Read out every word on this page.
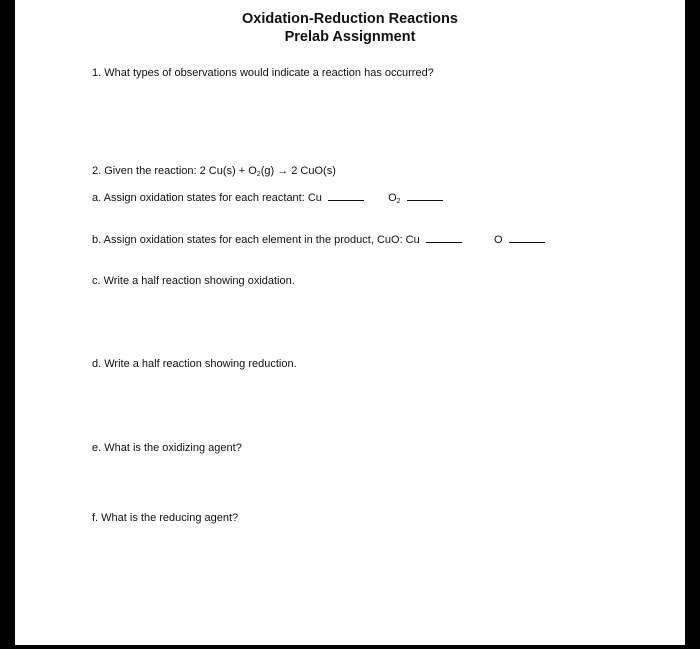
Oxidation-Reduction Reactions
Prelab Assignment
1. What types of observations would indicate a reaction has occurred?
2. Given the reaction: 2 $Cu(s) + O_2(g) \to 2$ CuO(s)
a. Assign oxidation states for each reactant: Cu	$O_2$
b. Assign oxidation states for each element in the product, CuO: Cu	O
c. Write a half reaction showing oxidation.
d. Write a half reaction showing reduction.
e. What is the oxidizing agent?
f. What is the reducing agent?
